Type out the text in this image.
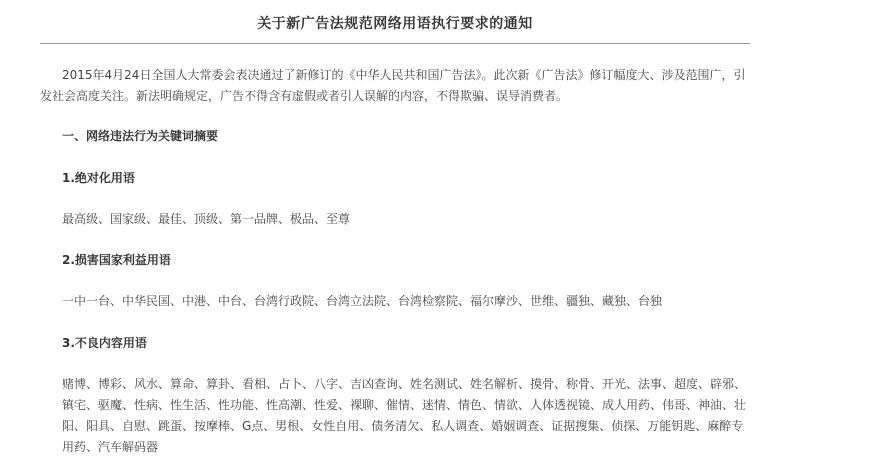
关于新广告法规范网络用语执行要求的通知

2015年4月24日全国人大常委会表决通过了新修订的《中华人民共和国广告法》。此次新《广告法》修订幅度大、涉及范围广，引发社会高度关注。新法明确规定，广告不得含有虚假或者引人误解的内容，不得欺骗、误导消费者。

一、网络违法行为关键词摘要

1.绝对化用语

最高级、国家级、最佳、顶级、第一品牌、极品、至尊

2.损害国家利益用语

一中一台、中华民国、中港、中台、台湾行政院、台湾立法院、台湾检察院、福尔摩沙、世维、疆独、藏独、台独

3.不良内容用语

赌博、博彩、风水、算命、算卦、看相、占卜、八字、吉凶查询、姓名测试、姓名解析、摸骨、称骨、开光、法事、超度、辟邪、镇宅、驱魔、性病、性生活、性功能、性高潮、性爱、裸聊、催情、迷情、情色、情欲、人体透视镜、成人用药、伟哥、神油、壮阳、阳具、自慰、跳蛋、按摩棒、G点、男根、女性自用、债务清欠、私人调查、婚姻调查、证据搜集、侦探、万能钥匙、麻醉专用药、汽车解码器
